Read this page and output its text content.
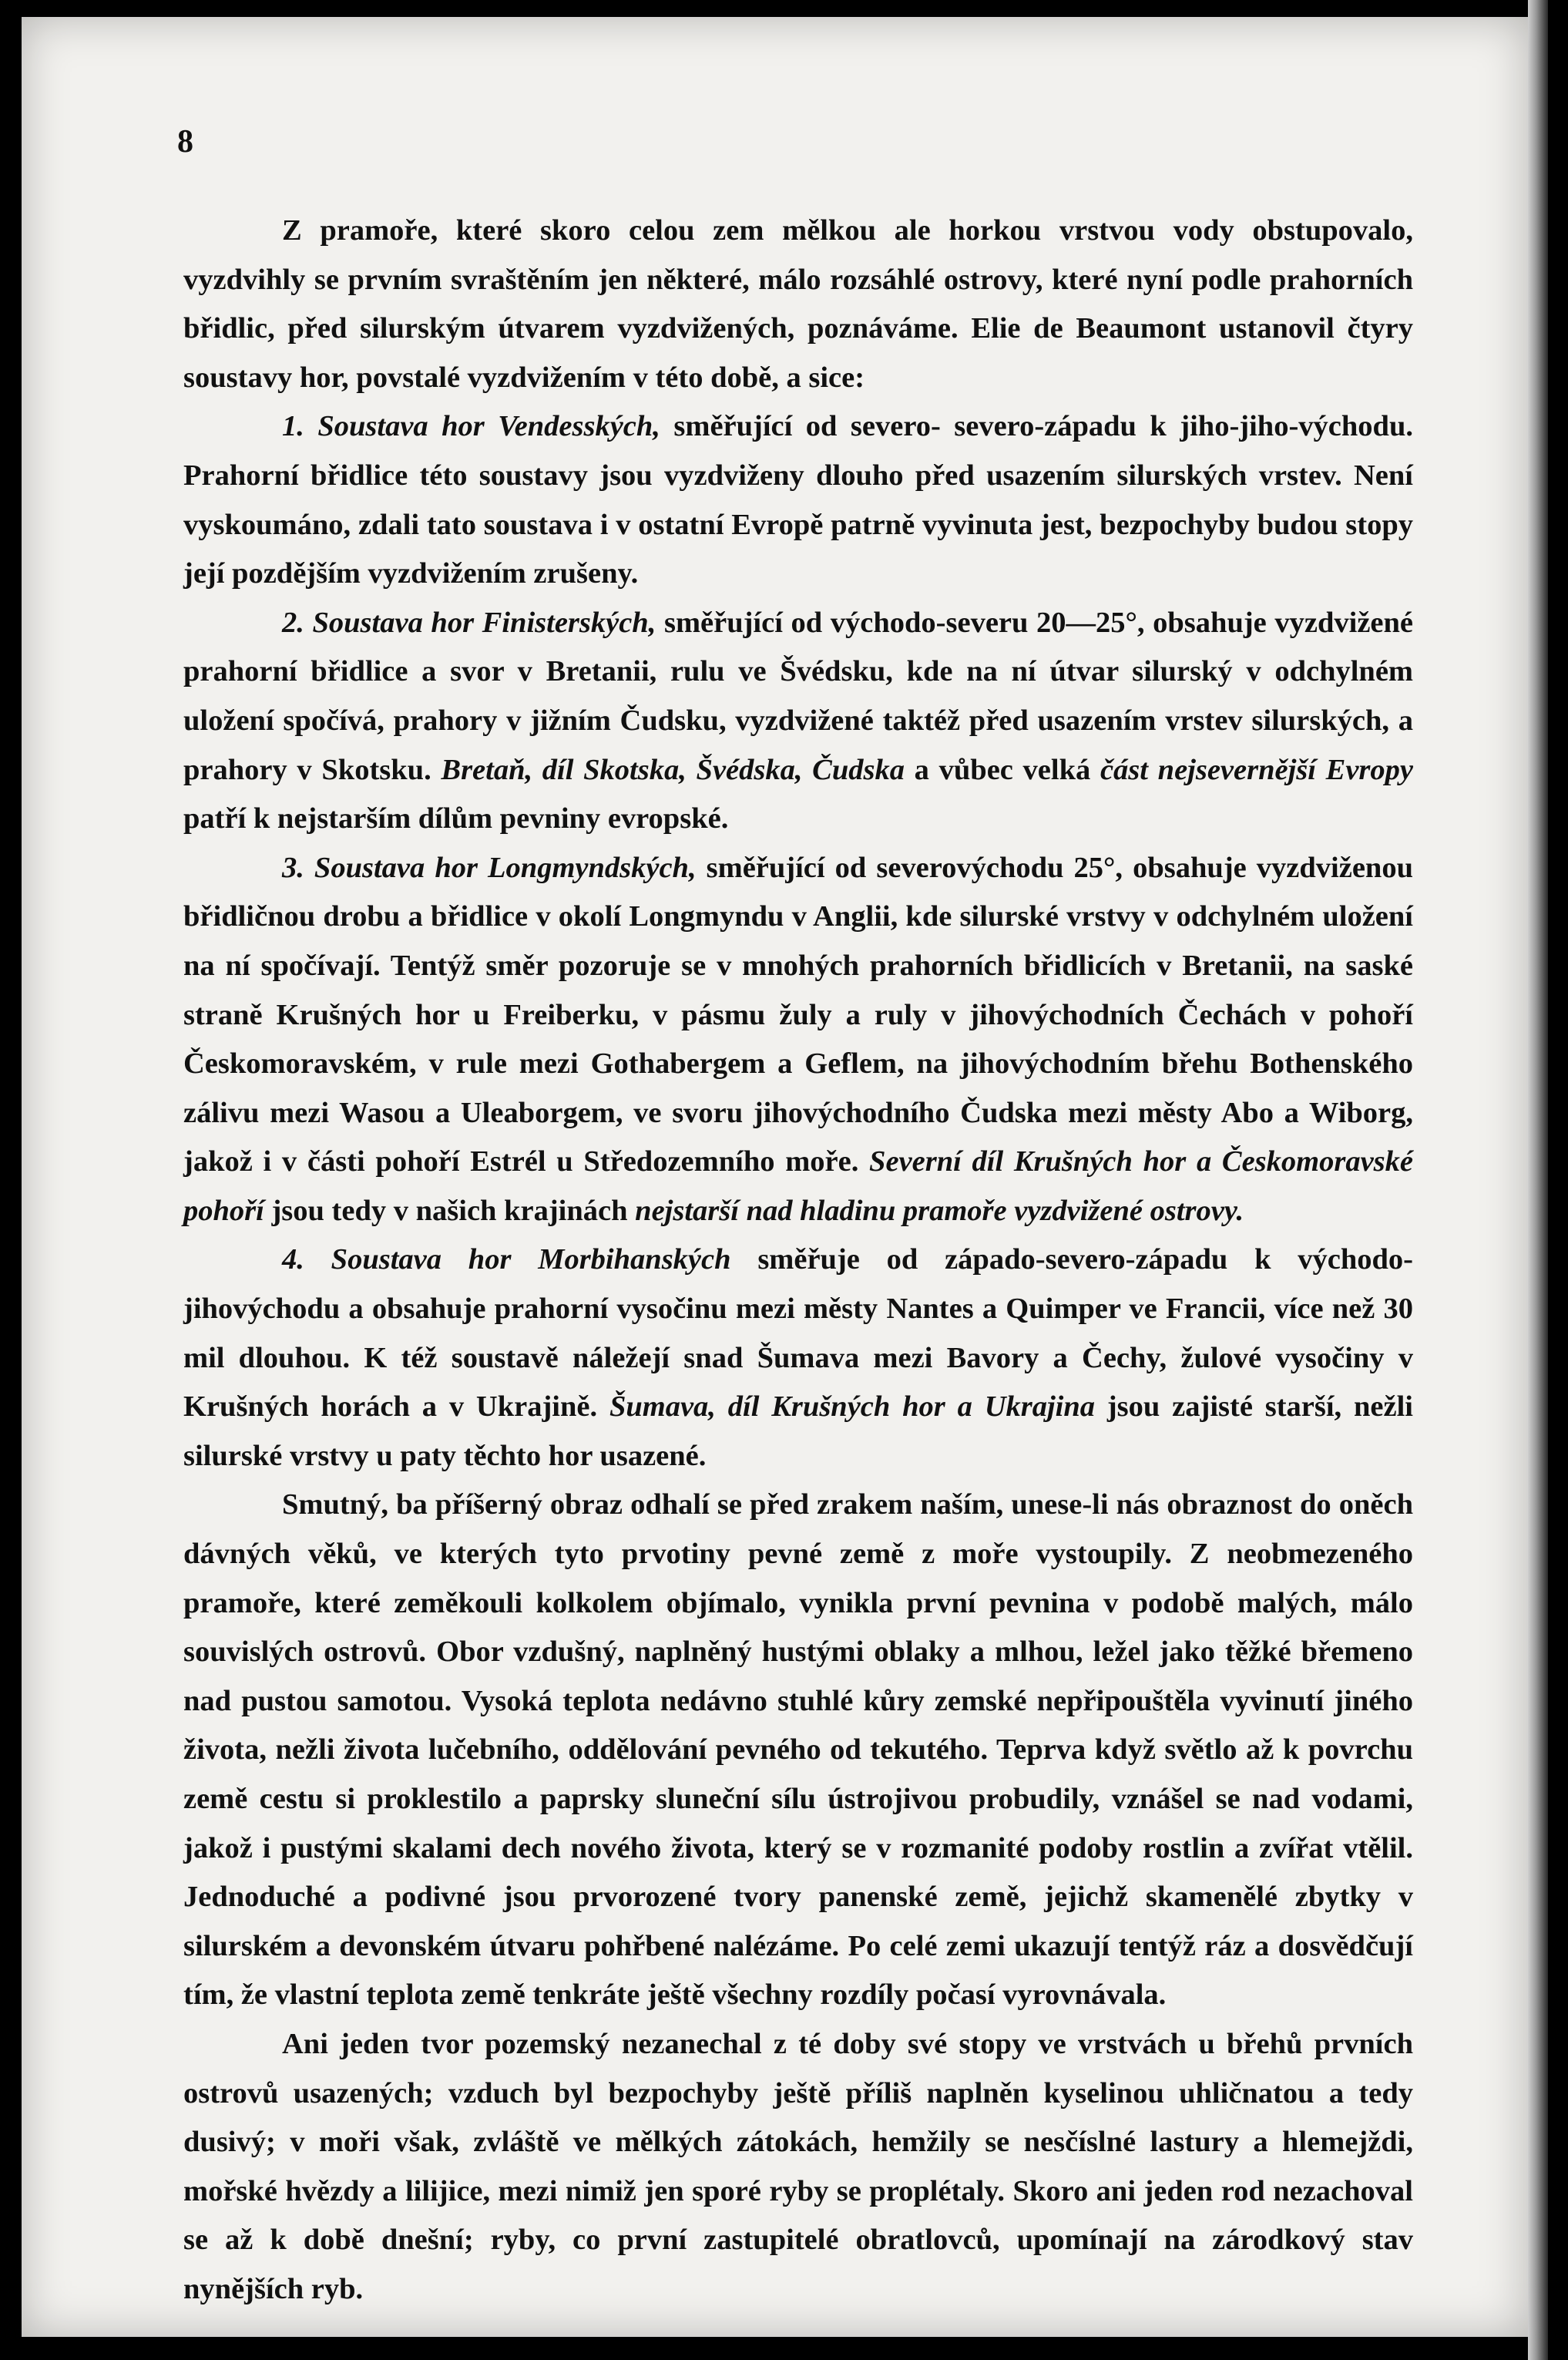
8

Z pramoře, které skoro celou zem mělkou ale horkou vrstvou vody obstupovalo, vyzdvihly se prvním svraštěním jen některé, málo rozsáhlé ostrovy, které nyní podle prahorních břidlic, před silurským útvarem vyzdvižených, poznáváme. Elie de Beaumont ustanovil čtyry soustavy hor, povstalé vyzdvižením v této době, a sice:

1. Soustava hor Vendesských, směřující od severo- severo-západu k jiho-jiho-východu. Prahorní břidlice této soustavy jsou vyzdviženy dlouho před usazením silurských vrstev. Není vyskoumáno, zdali tato soustava i v ostatní Evropě patrně vyvinuta jest, bezpochyby budou stopy její pozdějším vyzdvižením zrušeny.

2. Soustava hor Finisterských, směřující od východo-severu 20—25°, obsahuje vyzdvižené prahorní břidlice a svor v Bretanii, rulu ve Švédsku, kde na ní útvar silurský v odchylném uložení spočívá, prahory v jižním Čudsku, vyzdvižené taktéž před usazením vrstev silurských, a prahory v Skotsku. Bretaň, díl Skotska, Švédska, Čudska a vůbec velká část nejsevernější Evropy patří k nejstarším dílům pevniny evropské.

3. Soustava hor Longmyndských, směřující od severovýchodu 25°, obsahuje vyzdviženou břidličnou drobu a břidlice v okolí Longmyndu v Anglii, kde silurské vrstvy v odchylném uložení na ní spočívají. Tentýž směr pozoruje se v mnohých prahorních břidlicích v Bretanii, na saské straně Krušných hor u Freiberku, v pásmu žuly a ruly v jihovýchodních Čechách v pohoří Českomoravském, v rule mezi Gothabergem a Geflem, na jihovýchodním břehu Bothenského zálivu mezi Wasou a Uleaborgem, ve svoru jihovýchodního Čudska mezi městy Abo a Wiborg, jakož i v části pohoří Estrél u Středozemního moře. Severní díl Krušných hor a Českomoravské pohoří jsou tedy v našich krajinách nejstarší nad hladinu pramoře vyzdvižené ostrovy.

4. Soustava hor Morbihanských směřuje od západo-severo-západu k východo-jihovýchodu a obsahuje prahorní vysočinu mezi městy Nantes a Quimper ve Francii, více než 30 mil dlouhou. K též soustavě náležejí snad Šumava mezi Bavory a Čechy, žulové vysočiny v Krušných horách a v Ukrajině. Šumava, díl Krušných hor a Ukrajina jsou zajisté starší, nežli silurské vrstvy u paty těchto hor usazené.

Smutný, ba příšerný obraz odhalí se před zrakem naším, unese-li nás obraznost do oněch dávných věků, ve kterých tyto prvotiny pevné země z moře vystoupily. Z neobmezeného pramoře, které zeměkouli kolkolem objímalo, vynikla první pevnina v podobě malých, málo souvislých ostrovů. Obor vzdušný, naplněný hustými oblaky a mlhou, ležel jako těžké břemeno nad pustou samotou. Vysoká teplota nedávno stuhlé kůry zemské nepřipouštěla vyvinutí jiného života, nežli života lučebního, oddělování pevného od tekutého. Teprva když světlo až k povrchu země cestu si proklestilo a paprsky sluneční sílu ústrojivou probudily, vznášel se nad vodami, jakož i pustými skalami dech nového života, který se v rozmanité podoby rostlin a zvířat vtělil. Jednoduché a podivné jsou prvorozené tvory panenské země, jejichž skamenělé zbytky v silurském a devonském útvaru pohřbené nalézáme. Po celé zemi ukazují tentýž ráz a dosvědčují tím, že vlastní teplota země tenkráte ještě všechny rozdíly počasí vyrovnávala.

Ani jeden tvor pozemský nezanechal z té doby své stopy ve vrstvách u břehů prvních ostrovů usazených; vzduch byl bezpochyby ještě příliš naplněn kyselinou uhličnatou a tedy dusivý; v moři však, zvláště ve mělkých zátokách, hemžily se nesčíslné lastury a hlemejždi, mořské hvězdy a lilijice, mezi nimiž jen sporé ryby se proplétaly. Skoro ani jeden rod nezachoval se až k době dnešní; ryby, co první zastupitelé obratlovců, upomínají na zárodkový stav nynějších ryb.
